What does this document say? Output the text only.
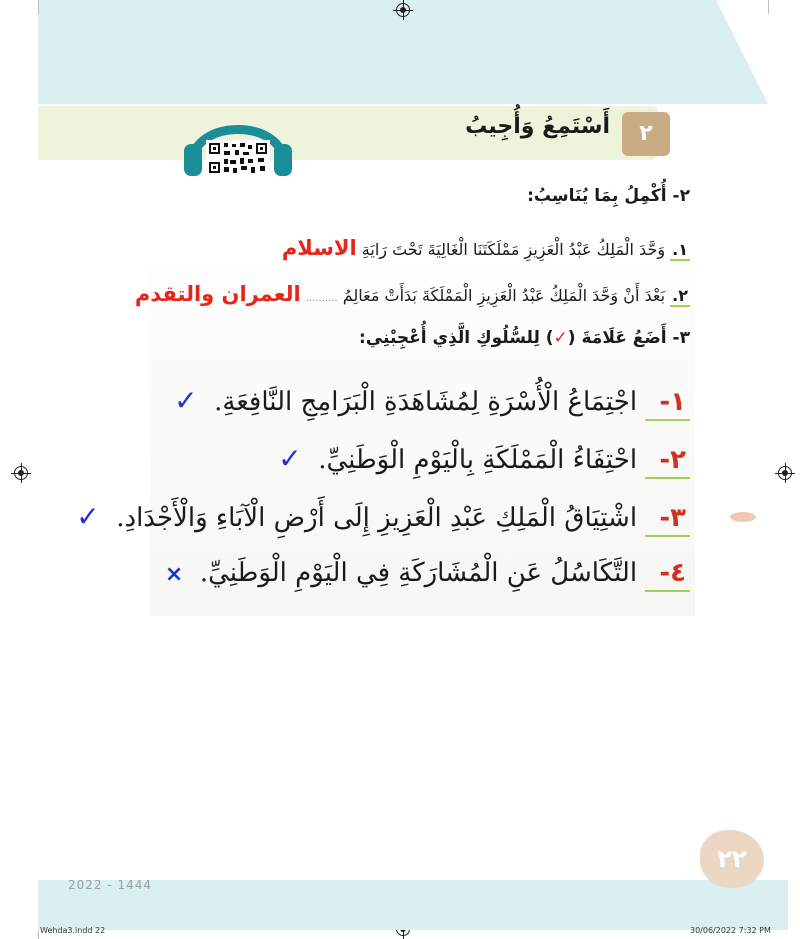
٢
أَسْتَمِعُ وَأُجِيبُ
٢- أُكْمِلُ بِمَا يُنَاسِبُ:
١. وَحَّدَ الْمَلِكُ عَبْدُ الْعَزِيزِ مَمْلَكَتَنَا الْغَالِيَةَ تَحْتَ رَايَةِ الاسلام
٢. بَعْدَ أَنْ وَحَّدَ الْمَلِكُ عَبْدُ الْعَزِيزِ الْمَمْلَكَةَ بَدَأَتْ مَعَالِمُ .......... العمران والتقدم
٣- أَضَعُ عَلَامَةَ (✓) لِلسُّلُوكِ الَّذِي أُعْجِبْنِي:
١- اجْتِمَاعُ الْأُسْرَةِ لِمُشَاهَدَةِ الْبَرَامِجِ النَّافِعَةِ.  ✓
٢- احْتِفَاءُ الْمَمْلَكَةِ بِالْيَوْمِ الْوَطَنِيِّ.  ✓
٣- اشْتِيَاقُ الْمَلِكِ عَبْدِ الْعَزِيزِ إِلَى أَرْضِ الْآبَاءِ وَالْأَجْدَادِ.  ✓
٤- التَّكَاسُلُ عَنِ الْمُشَارَكَةِ فِي الْيَوْمِ الْوَطَنِيِّ.  ×
٢٢
2022 - 1444
Wehda3.indd 22	30/06/2022 7:32 PM
